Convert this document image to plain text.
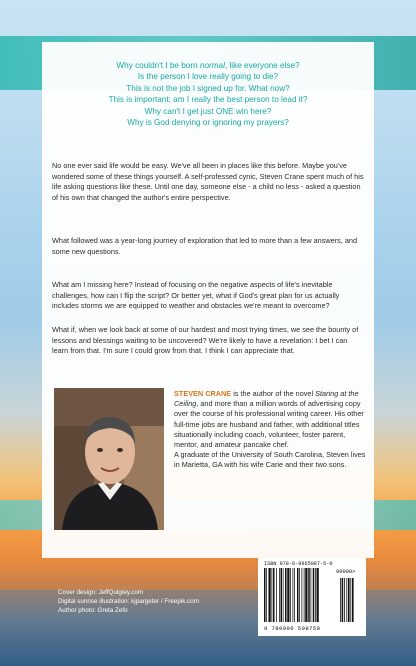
Why couldn't I be born normal, like everyone else?
Is the person I love really going to die?
This is not the job I signed up for. What now?
This is important; am I really the best person to lead it?
Why can't I get just ONE win here?
Why is God denying or ignoring my prayers?

No one ever said life would be easy. We've all been in places like this before. Maybe you've wondered some of these things yourself. A self-professed cynic, Steven Crane spent much of his life asking questions like these. Until one day, someone else - a child no less - asked a question of his own that changed the author's entire perspective.

What followed was a year-long journey of exploration that led to more than a few answers, and some new questions.

What am I missing here? Instead of focusing on the negative aspects of life's inevitable challenges, how can I flip the script? Or better yet, what if God's great plan for us actually includes storms we are equipped to weather and obstacles we're meant to overcome?

What if, when we look back at some of our hardest and most trying times, we see the bounty of lessons and blessings waiting to be uncovered? We're likely to have a revelation: I bet I can learn from that. I'm sure I could grow from that. I think I can appreciate that.

STEVEN CRANE is the author of the novel Staring at the Ceiling, and more than a million words of advertising copy over the course of his professional writing career. His other full-time jobs are husband and father, with additional titles situationally including coach, volunteer, foster parent, mentor, and amateur pancake chef.
A graduate of the University of South Carolina, Steven lives in Marietta, GA with his wife Carie and their two sons.

Cover design: JeffQuigley.com
Digital sunrise illustration: kjpargeter / Freepik.com
Author photo: Greta Zefo
ISBN 978-0-9965987-5-0
90000>
9 780996 598750
